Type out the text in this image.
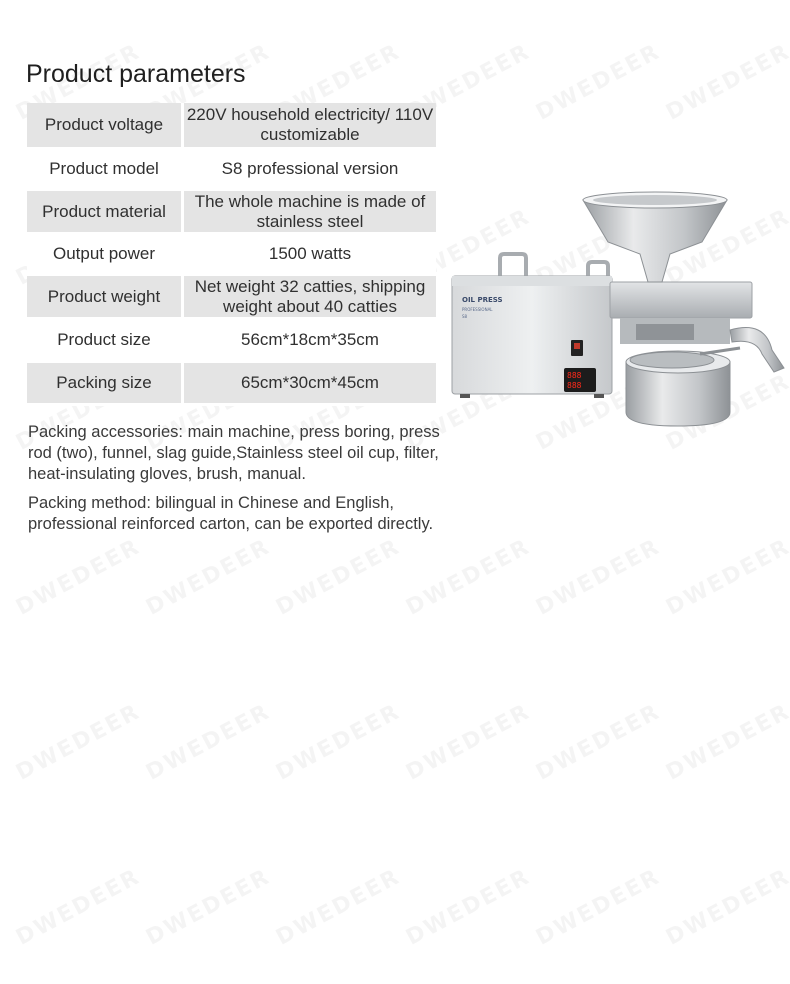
Product parameters
Product voltage	220V household electricity/ 110V customizable
Product model	S8 professional version
Product material	The whole machine is made of stainless steel
Output power	1500 watts
Product weight	Net weight 32 catties, shipping weight about 40 catties
Product size	56cm*18cm*35cm
Packing size	65cm*30cm*45cm

Packing accessories: main machine, press boring, press rod (two), funnel, slag guide,Stainless steel oil cup, filter, heat-insulating gloves, brush, manual.

Packing method: bilingual in Chinese and English, professional reinforced carton, can be exported directly.

OIL PRESS
PROFESSIONAL
S8
888
888
